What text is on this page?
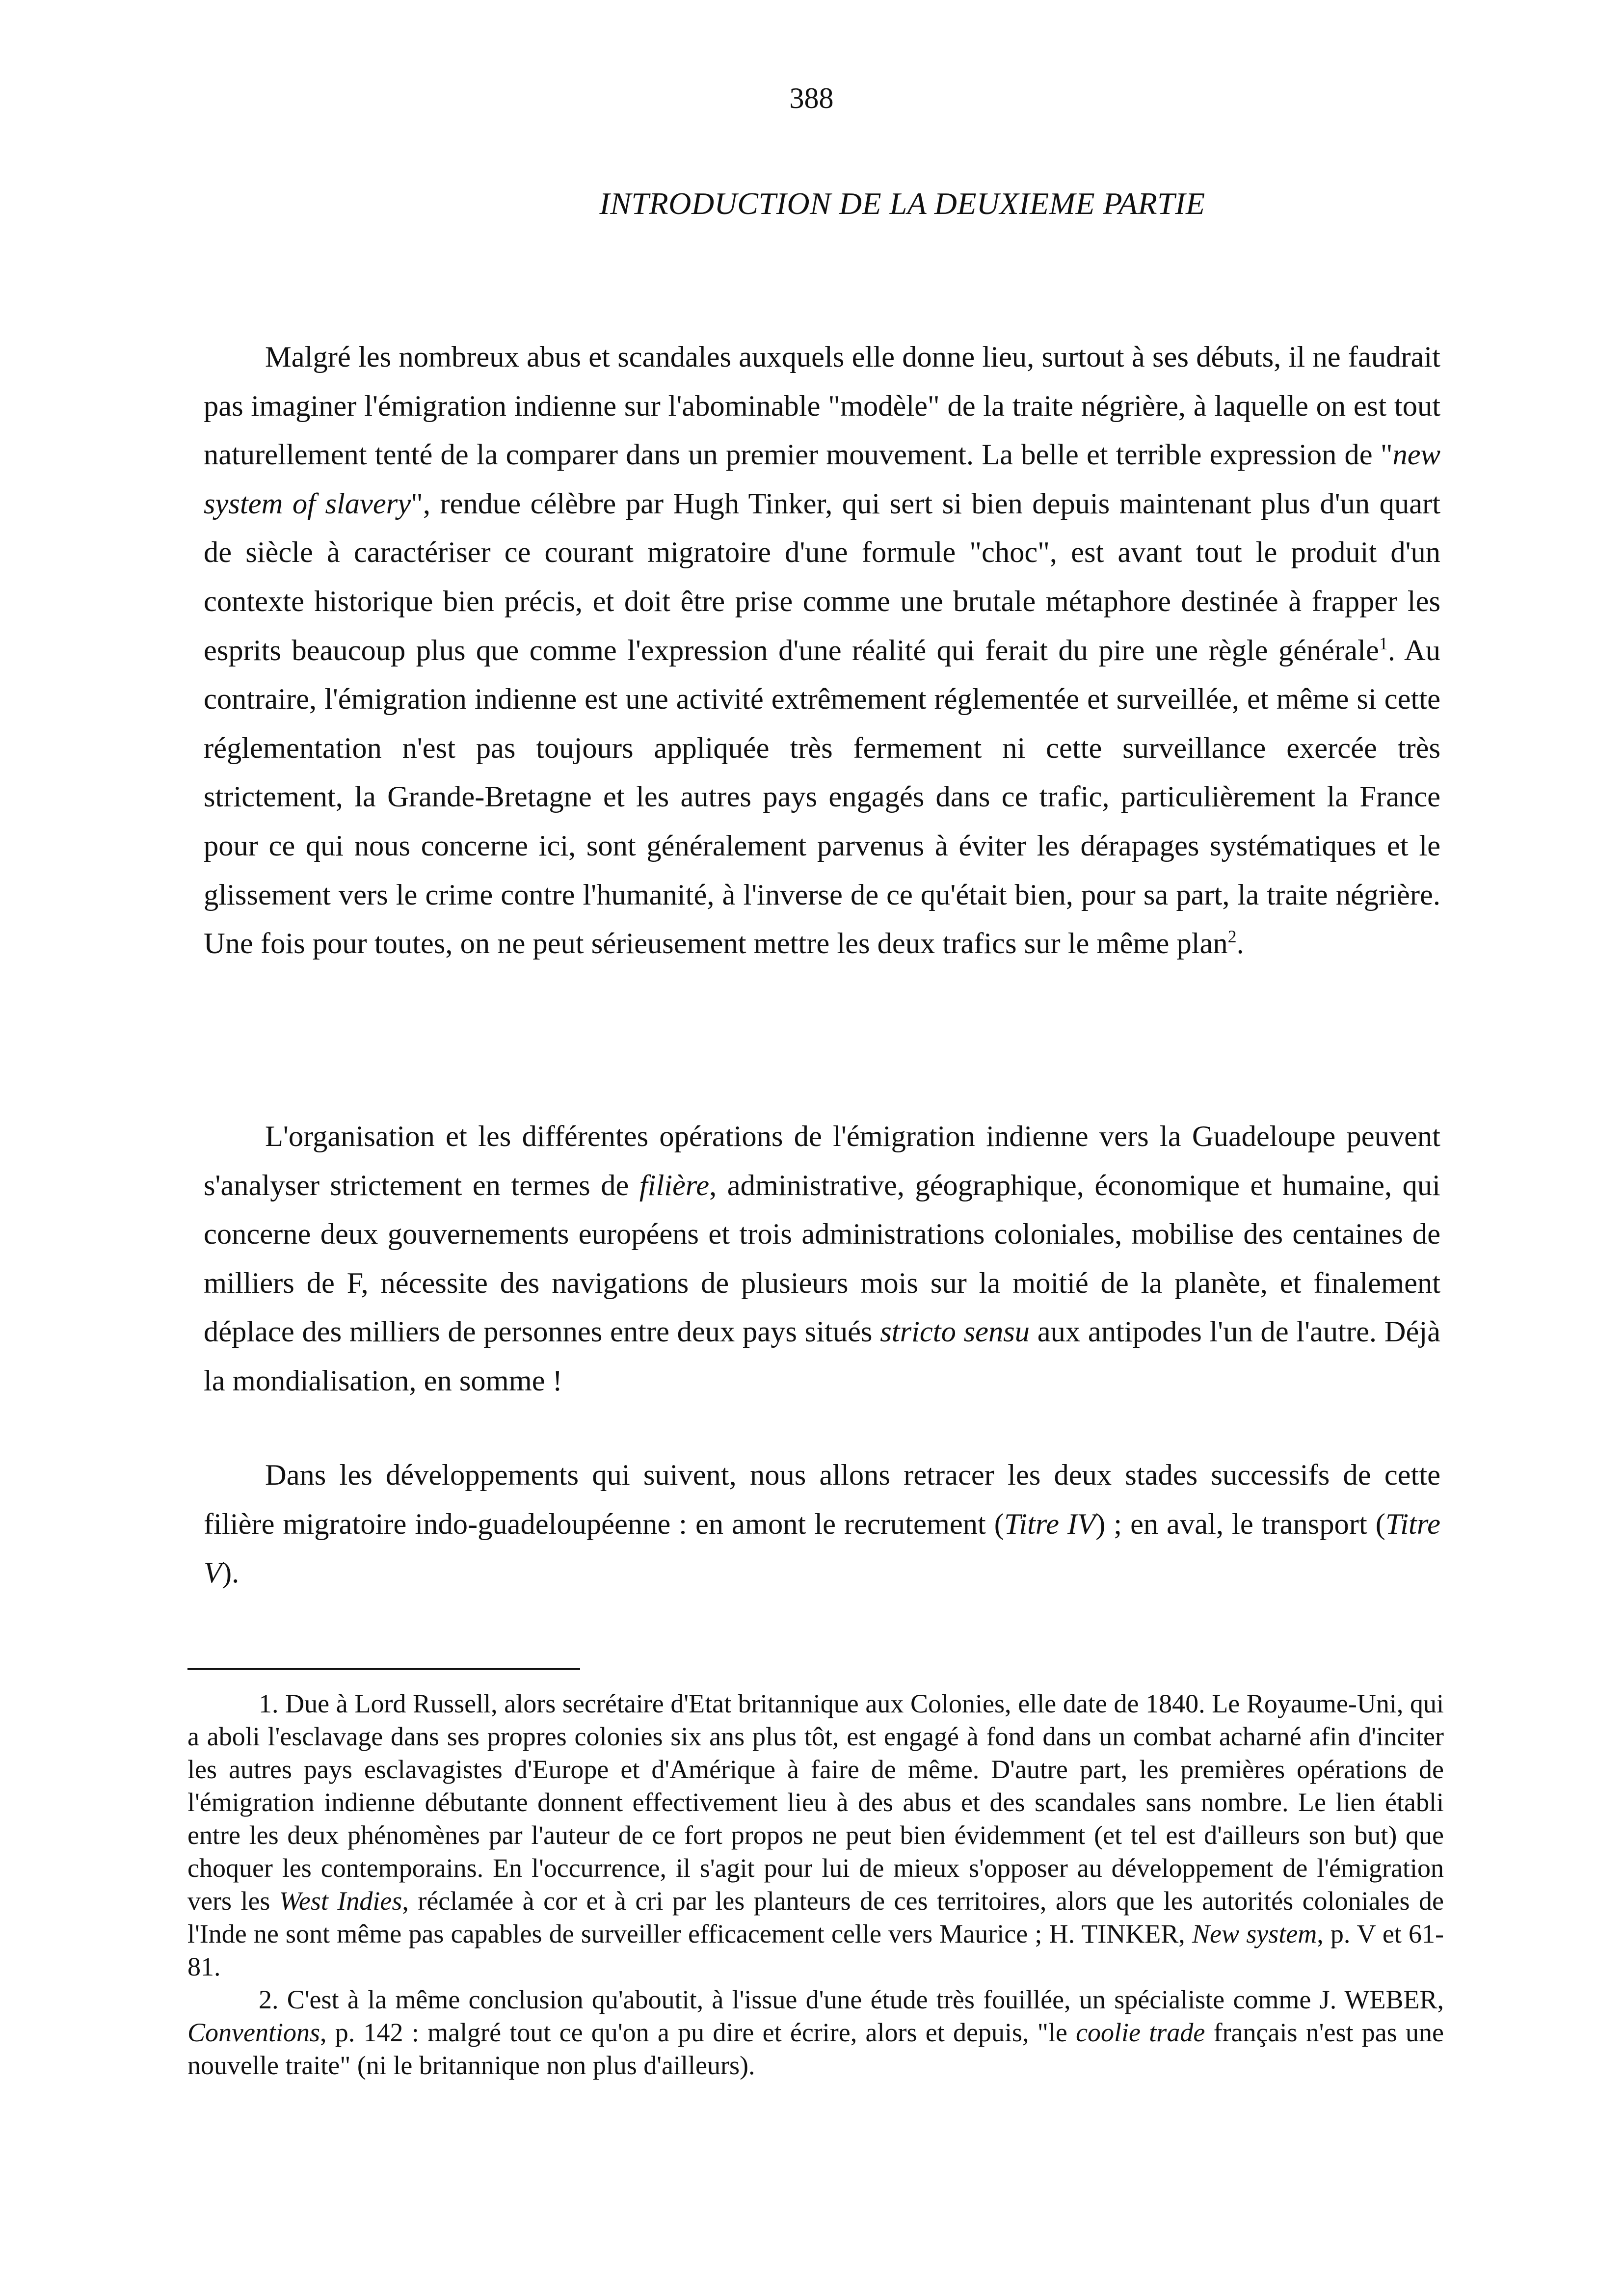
388
INTRODUCTION DE LA DEUXIEME PARTIE

Malgré les nombreux abus et scandales auxquels elle donne lieu, surtout à ses débuts, il ne faudrait pas imaginer l'émigration indienne sur l'abominable "modèle" de la traite négrière, à laquelle on est tout naturellement tenté de la comparer dans un premier mouvement. La belle et terrible expression de "new system of slavery", rendue célèbre par Hugh Tinker, qui sert si bien depuis maintenant plus d'un quart de siècle à caractériser ce courant migratoire d'une formule "choc", est avant tout le produit d'un contexte historique bien précis, et doit être prise comme une brutale métaphore destinée à frapper les esprits beaucoup plus que comme l'expression d'une réalité qui ferait du pire une règle générale$^1$. Au contraire, l'émigration indienne est une activité extrêmement réglementée et surveillée, et même si cette réglementation n'est pas toujours appliquée très fermement ni cette surveillance exercée très strictement, la Grande-Bretagne et les autres pays engagés dans ce trafic, particulièrement la France pour ce qui nous concerne ici, sont généralement parvenus à éviter les dérapages systématiques et le glissement vers le crime contre l'humanité, à l'inverse de ce qu'était bien, pour sa part, la traite négrière. Une fois pour toutes, on ne peut sérieusement mettre les deux trafics sur le même plan$^2$.

L'organisation et les différentes opérations de l'émigration indienne vers la Guadeloupe peuvent s'analyser strictement en termes de filière, administrative, géographique, économique et humaine, qui concerne deux gouvernements européens et trois administrations coloniales, mobilise des centaines de milliers de F, nécessite des navigations de plusieurs mois sur la moitié de la planète, et finalement déplace des milliers de personnes entre deux pays situés stricto sensu aux antipodes l'un de l'autre. Déjà la mondialisation, en somme !

Dans les développements qui suivent, nous allons retracer les deux stades successifs de cette filière migratoire indo-guadeloupéenne : en amont le recrutement (Titre IV) ; en aval, le transport (Titre V).

1. Due à Lord Russell, alors secrétaire d'Etat britannique aux Colonies, elle date de 1840. Le Royaume-Uni, qui a aboli l'esclavage dans ses propres colonies six ans plus tôt, est engagé à fond dans un combat acharné afin d'inciter les autres pays esclavagistes d'Europe et d'Amérique à faire de même. D'autre part, les premières opérations de l'émigration indienne débutante donnent effectivement lieu à des abus et des scandales sans nombre. Le lien établi entre les deux phénomènes par l'auteur de ce fort propos ne peut bien évidemment (et tel est d'ailleurs son but) que choquer les contemporains. En l'occurrence, il s'agit pour lui de mieux s'opposer au développement de l'émigration vers les West Indies, réclamée à cor et à cri par les planteurs de ces territoires, alors que les autorités coloniales de l'Inde ne sont même pas capables de surveiller efficacement celle vers Maurice ; H. TINKER, New system, p. V et 61-81.

2. C'est à la même conclusion qu'aboutit, à l'issue d'une étude très fouillée, un spécialiste comme J. WEBER, Conventions, p. 142 : malgré tout ce qu'on a pu dire et écrire, alors et depuis, "le coolie trade français n'est pas une nouvelle traite" (ni le britannique non plus d'ailleurs).
